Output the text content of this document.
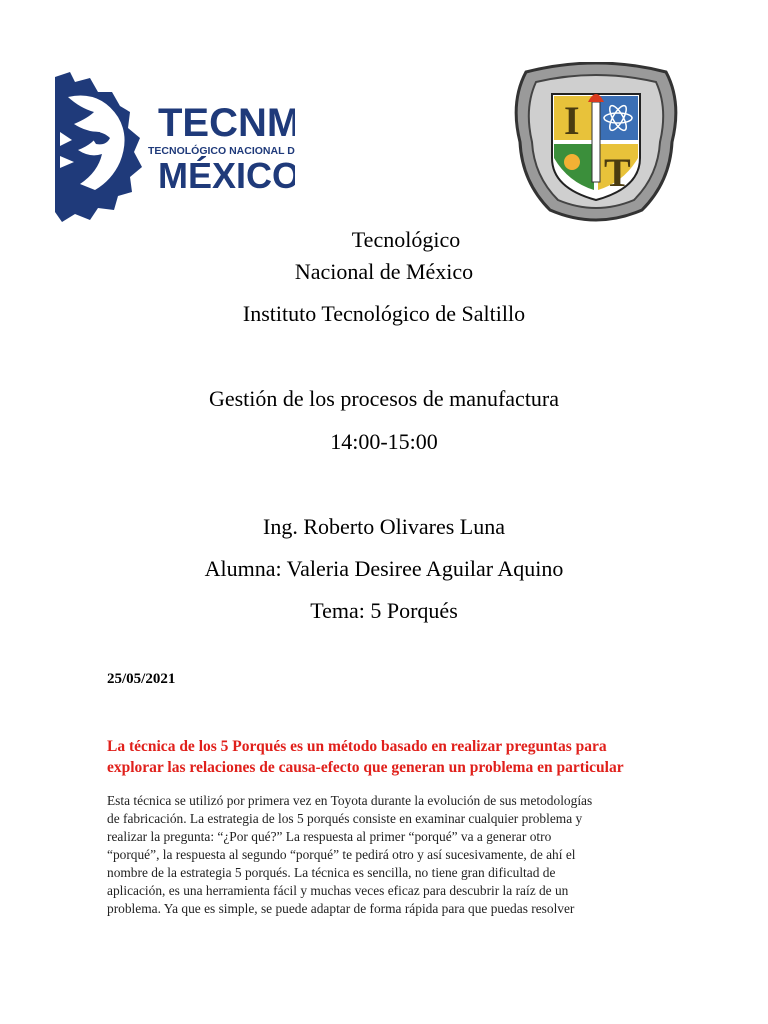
TECNM
TECNOLÓGICO NACIONAL DE
MÉXICO
I
T
Tecnológico
Nacional de México
Instituto Tecnológico de Saltillo
Gestión de los procesos de manufactura
14:00-15:00
Ing. Roberto Olivares Luna
Alumna: Valeria Desiree Aguilar Aquino
Tema: 5 Porqués
25/05/2021
La técnica de los 5 Porqués es un método basado en realizar preguntas para
explorar las relaciones de causa-efecto que generan un problema en particular
Esta técnica se utilizó por primera vez en Toyota durante la evolución de sus metodologías
de fabricación. La estrategia de los 5 porqués consiste en examinar cualquier problema y
realizar la pregunta: “¿Por qué?” La respuesta al primer “porqué” va a generar otro
“porqué”, la respuesta al segundo “porqué” te pedirá otro y así sucesivamente, de ahí el
nombre de la estrategia 5 porqués. La técnica es sencilla, no tiene gran dificultad de
aplicación, es una herramienta fácil y muchas veces eficaz para descubrir la raíz de un
problema. Ya que es simple, se puede adaptar de forma rápida para que puedas resolver
